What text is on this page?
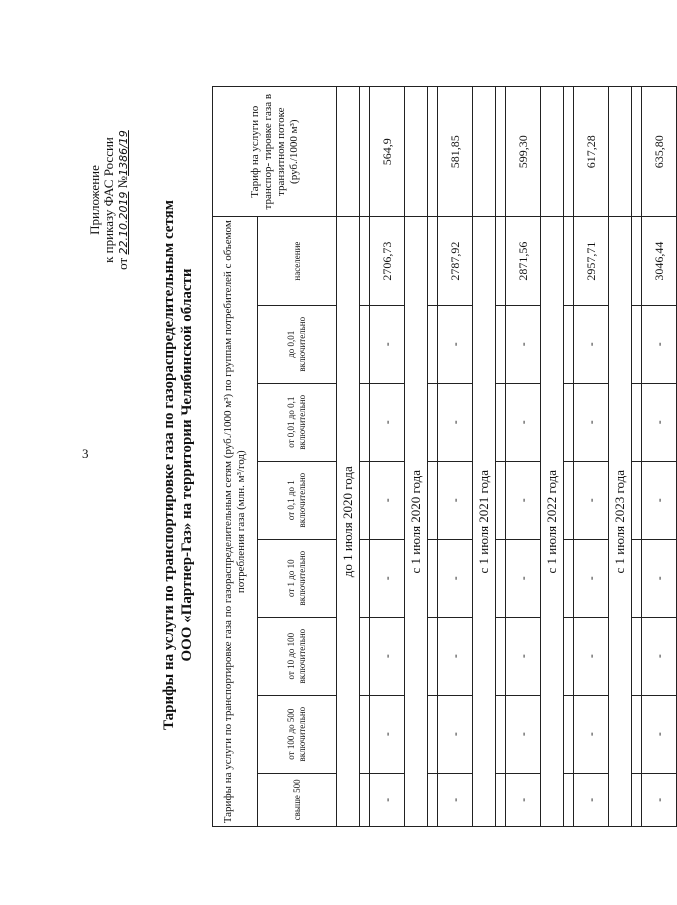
3
Приложение к приказу ФАС России
от 22.10.2019 №1386/19
Тарифы на услуги по транспортировке газа по газораспределительным сетям ООО «Партнер-Газ» на территории Челябинской области Тарифы на услуги по транспортировке газа по газораспределительным сетям (руб./1000 м³) по группам потребителей с объемом потребления газа (млн. м³/год)								Тариф на услуги по транспор- тировке газа в транзитном потоке (руб./1000 м³)
свыше 500	от 100 до 500 включительно	от 10 до 100 включительно	от 1 до 10 включительно	от 0,1 до 1 включительно	от 0,01 до 0,1 включительно	до 0,01 включительно	население	
до 1 июля 2020 года								

-	-	-	-	-	-	-	2706,73	564,9
с 1 июля 2020 года								

-	-	-	-	-	-	-	2787,92	581,85
с 1 июля 2021 года								

-	-	-	-	-	-	-	2871,56	599,30
с 1 июля 2022 года								

-	-	-	-	-	-	-	2957,71	617,28
с 1 июля 2023 года								

-	-	-	-	-	-	-	3046,44	635,80
